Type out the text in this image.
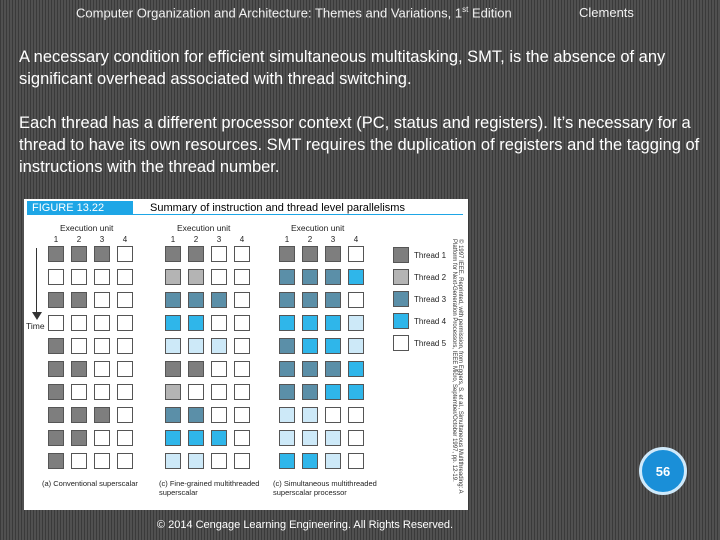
Computer Organization and Architecture: Themes and Variations, 1st Edition	Clements
A necessary condition for efficient simultaneous multitasking, SMT, is the absence of any significant overhead associated with thread switching.
Each thread has a different processor context (PC, status and registers). It’s necessary for a thread to have its own resources. SMT requires the duplication of registers and the tagging of instructions with the thread number.
FIGURE 13.22	Summary of instruction and thread level parallelisms
Time	© 1997 IEEE. Reprinted, with permission, from Eggers, S. et al., Simultaneous Multithreading: A Platform for Next-Generation Processors, IEEE Micro, September/October 1997, pp. 12-19.
Execution unit
1	2	3	4
(a) Conventional superscalar
Execution unit
1	2	3	4
(c) Fine-grained multithreaded superscalar
Execution unit
1	2	3	4
(c) Simultaneous multithreaded superscalar processor
Thread 1
Thread 2
Thread 3
Thread 4
Thread 5
© 2014 Cengage Learning Engineering. All Rights Reserved.
56
